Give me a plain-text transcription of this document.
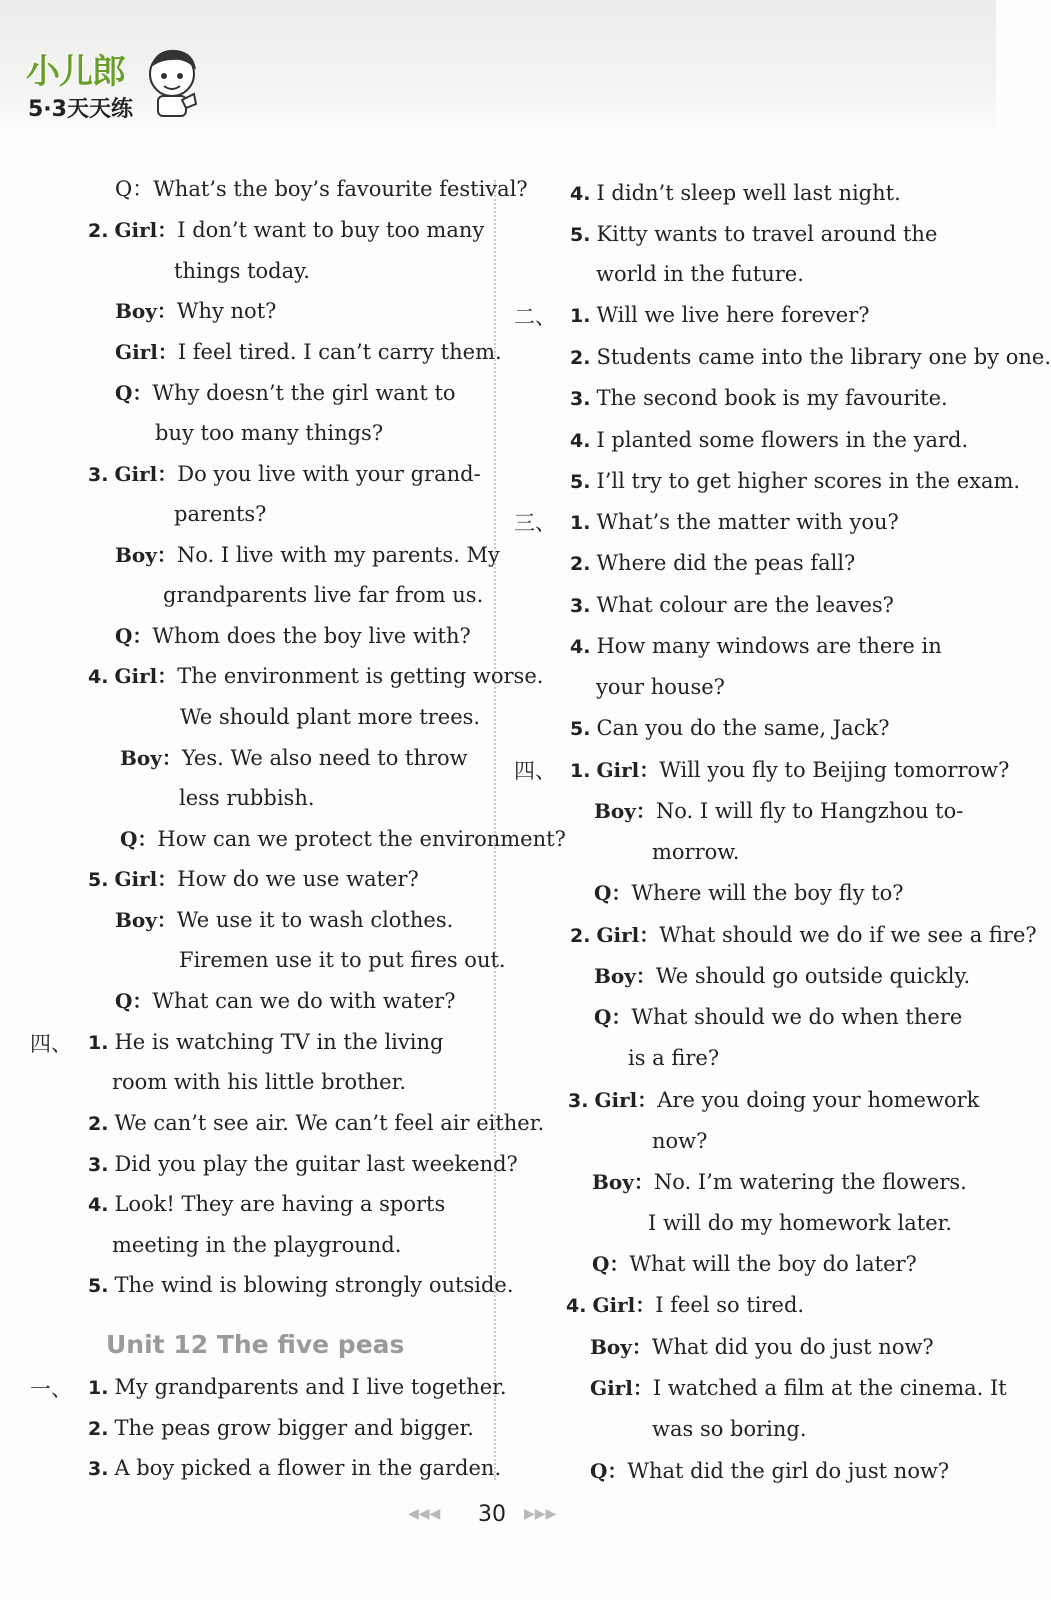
小儿郎
5·3天天练
Q：What’s the boy’s favourite festival?
2. Girl：I don’t want to buy too many
things today.
Boy：Why not?
Girl：I feel tired. I can’t carry them.
Q：Why doesn’t the girl want to
buy too many things?
3. Girl：Do you live with your grand-
parents?
Boy：No. I live with my parents. My
grandparents live far from us.
Q：Whom does the boy live with?
4. Girl：The environment is getting worse.
We should plant more trees.
Boy：Yes. We also need to throw
less rubbish.
Q：How can we protect the environment?
5. Girl：How do we use water?
Boy：We use it to wash clothes.
Firemen use it to put fires out.
Q：What can we do with water?
四、 1. He is watching TV in the living
room with his little brother.
2. We can’t see air. We can’t feel air either.
3. Did you play the guitar last weekend?
4. Look! They are having a sports
meeting in the playground.
5. The wind is blowing strongly outside.
Unit 12 The five peas
一、 1. My grandparents and I live together.
2. The peas grow bigger and bigger.
3. A boy picked a flower in the garden.
4. I didn’t sleep well last night.
5. Kitty wants to travel around the
world in the future.
二、 1. Will we live here forever?
2. Students came into the library one by one.
3. The second book is my favourite.
4. I planted some flowers in the yard.
5. I’ll try to get higher scores in the exam.
三、 1. What’s the matter with you?
2. Where did the peas fall?
3. What colour are the leaves?
4. How many windows are there in
your house?
5. Can you do the same, Jack?
四、 1. Girl：Will you fly to Beijing tomorrow?
Boy：No. I will fly to Hangzhou to-
morrow.
Q：Where will the boy fly to?
2. Girl：What should we do if we see a fire?
Boy：We should go outside quickly.
Q：What should we do when there
is a fire?
3. Girl：Are you doing your homework
now?
Boy：No. I’m watering the flowers.
I will do my homework later.
Q：What will the boy do later?
4. Girl：I feel so tired.
Boy：What did you do just now?
Girl：I watched a film at the cinema. It
was so boring.
Q：What did the girl do just now?
◀◀◀ 30 ▶▶▶
